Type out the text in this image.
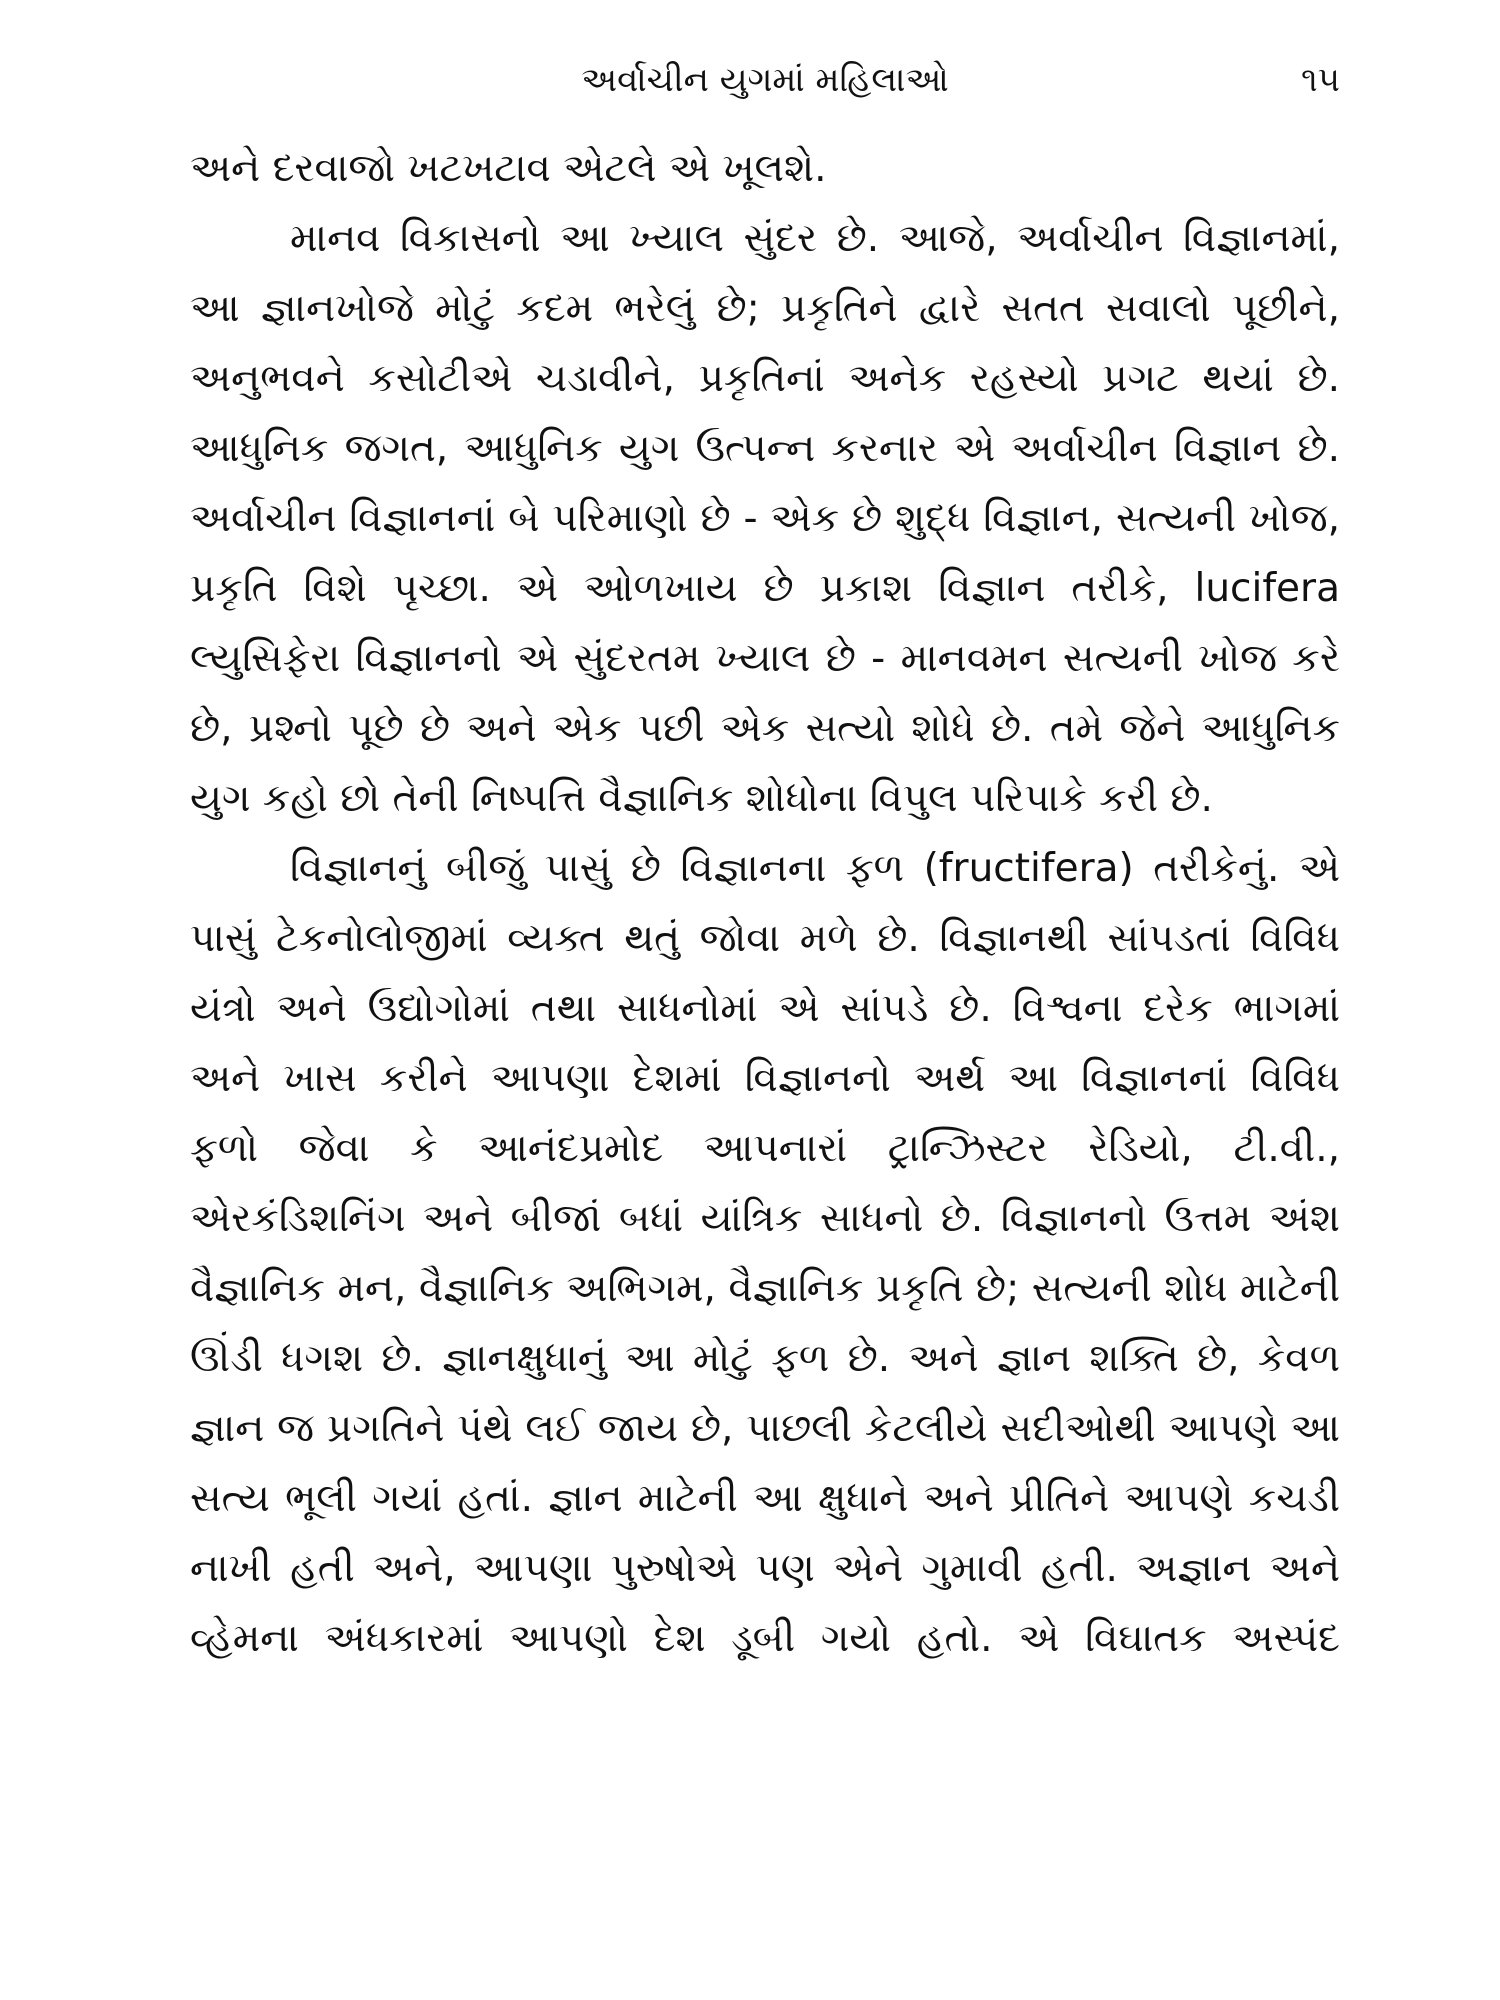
અર્વાચીન યુગમાં મહિલાઓ	૧૫
અને દરવાજો ખટખટાવ એટલે એ ખૂલશે.
માનવ વિકાસનો આ ખ્યાલ સુંદર છે. આજે, અર્વાચીન વિજ્ઞાનમાં,
આ જ્ઞાનખોજે મોટું કદમ ભરેલું છે; પ્રકૃતિને દ્વારે સતત સવાલો પૂછીને,
અનુભવને કસોટીએ ચડાવીને, પ્રકૃતિનાં અનેક રહસ્યો પ્રગટ થયાં છે.
આધુનિક જગત, આધુનિક યુગ ઉત્પન્ન કરનાર એ અર્વાચીન વિજ્ઞાન છે.
અર્વાચીન વિજ્ઞાનનાં બે પરિમાણો છે - એક છે શુદ્ધ વિજ્ઞાન, સત્યની ખોજ,
પ્રકૃતિ વિશે પૃચ્છા. એ ઓળખાય છે પ્રકાશ વિજ્ઞાન તરીકે, lucifera
લ્યુસિફેરા વિજ્ઞાનનો એ સુંદરતમ ખ્યાલ છે - માનવમન સત્યની ખોજ કરે
છે, પ્રશ્નો પૂછે છે અને એક પછી એક સત્યો શોધે છે. તમે જેને આધુનિક
યુગ કહો છો તેની નિષ્પત્તિ વૈજ્ઞાનિક શોધોના વિપુલ પરિપાકે કરી છે.
વિજ્ઞાનનું બીજું પાસું છે વિજ્ઞાનના ફળ (fructifera) તરીકેનું. એ
પાસું ટેકનોલોજીમાં વ્યક્ત થતું જોવા મળે છે. વિજ્ઞાનથી સાંપડતાં વિવિધ
યંત્રો અને ઉદ્યોગોમાં તથા સાધનોમાં એ સાંપડે છે. વિશ્વના દરેક ભાગમાં
અને ખાસ કરીને આપણા દેશમાં વિજ્ઞાનનો અર્થ આ વિજ્ઞાનનાં વિવિધ
ફળો જેવા કે આનંદપ્રમોદ આપનારાં ટ્રાન્ઝિસ્ટર રેડિયો, ટી.વી.,
એરકંડિશનિંગ અને બીજાં બધાં યાંત્રિક સાધનો છે. વિજ્ઞાનનો ઉત્તમ અંશ
વૈજ્ઞાનિક મન, વૈજ્ઞાનિક અભિગમ, વૈજ્ઞાનિક પ્રકૃતિ છે; સત્યની શોધ માટેની
ઊંડી ધગશ છે. જ્ઞાનક્ષુધાનું આ મોટું ફળ છે. અને જ્ઞાન શક્તિ છે, કેવળ
જ્ઞાન જ પ્રગતિને પંથે લઈ જાય છે, પાછલી કેટલીયે સદીઓથી આપણે આ
સત્ય ભૂલી ગયાં હતાં. જ્ઞાન માટેની આ ક્ષુધાને અને પ્રીતિને આપણે કચડી
નાખી હતી અને, આપણા પુરુષોએ પણ એને ગુમાવી હતી. અજ્ઞાન અને
વ્હેમના અંધકારમાં આપણો દેશ ડૂબી ગયો હતો. એ વિઘાતક અસ્પંદ
